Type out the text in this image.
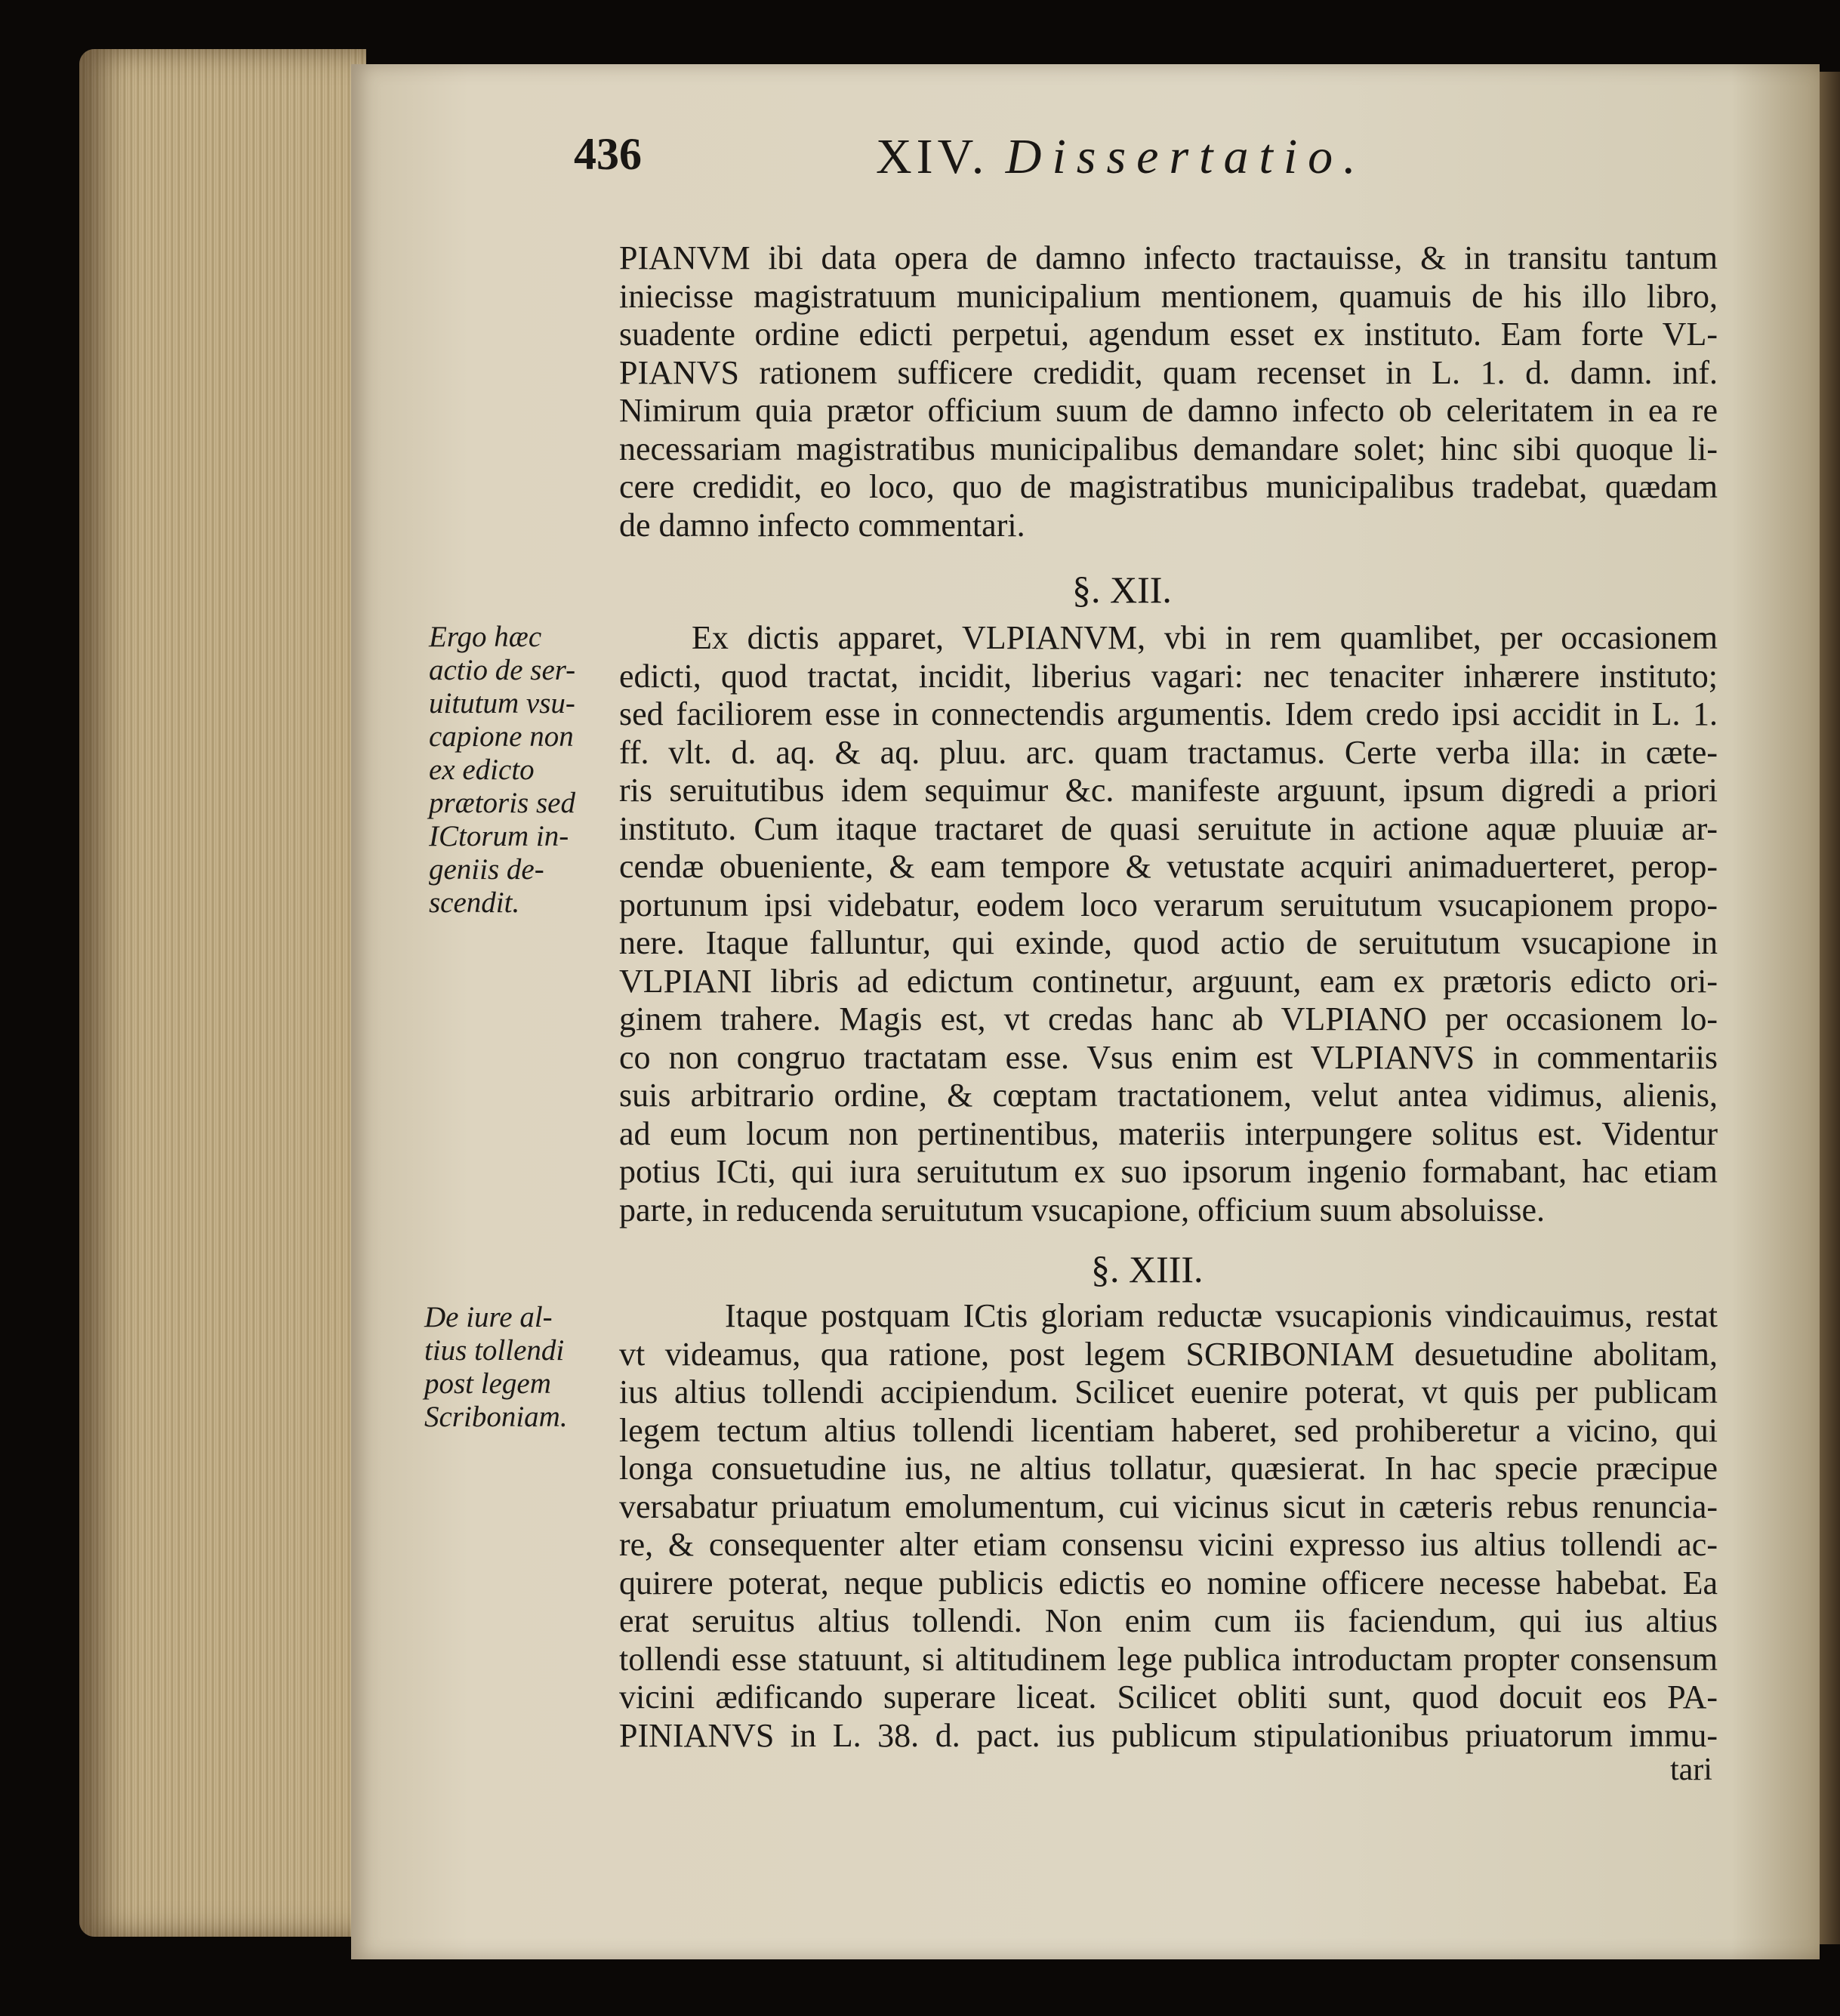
436	XIV. Dissertatio.
PIANVM ibi data opera de damno infecto tractauisse, & in transitu tantum
iniecisse magistratuum municipalium mentionem, quamuis de his illo libro,
suadente ordine edicti perpetui, agendum esset ex instituto. Eam forte VL-
PIANVS rationem sufficere credidit, quam recenset in L. 1. d. damn. inf.
Nimirum quia prætor officium suum de damno infecto ob celeritatem in ea re
necessariam magistratibus municipalibus demandare solet; hinc sibi quoque li-
cere credidit, eo loco, quo de magistratibus municipalibus tradebat, quædam
de damno infecto commentari.
§. XII.
Ergo hæc
actio de ser-
uitutum vsu-
capione non
ex edicto
prætoris sed
ICtorum in-
geniis de-
scendit.
Ex dictis apparet, VLPIANVM, vbi in rem quamlibet, per occasionem
edicti, quod tractat, incidit, liberius vagari: nec tenaciter inhærere instituto;
sed faciliorem esse in connectendis argumentis. Idem credo ipsi accidit in L. 1.
ff. vlt. d. aq. & aq. pluu. arc. quam tractamus. Certe verba illa: in cæte-
ris seruitutibus idem sequimur &c. manifeste arguunt, ipsum digredi a priori
instituto. Cum itaque tractaret de quasi seruitute in actione aquæ pluuiæ ar-
cendæ obueniente, & eam tempore & vetustate acquiri animaduerteret, perop-
portunum ipsi videbatur, eodem loco verarum seruitutum vsucapionem propo-
nere. Itaque falluntur, qui exinde, quod actio de seruitutum vsucapione in
VLPIANI libris ad edictum continetur, arguunt, eam ex prætoris edicto ori-
ginem trahere. Magis est, vt credas hanc ab VLPIANO per occasionem lo-
co non congruo tractatam esse. Vsus enim est VLPIANVS in commentariis
suis arbitrario ordine, & cœptam tractationem, velut antea vidimus, alienis,
ad eum locum non pertinentibus, materiis interpungere solitus est. Videntur
potius ICti, qui iura seruitutum ex suo ipsorum ingenio formabant, hac etiam
parte, in reducenda seruitutum vsucapione, officium suum absoluisse.
§. XIII.
De iure al-
tius tollendi
post legem
Scriboniam.
Itaque postquam ICtis gloriam reductæ vsucapionis vindicauimus, restat
vt videamus, qua ratione, post legem SCRIBONIAM desuetudine abolitam,
ius altius tollendi accipiendum. Scilicet euenire poterat, vt quis per publicam
legem tectum altius tollendi licentiam haberet, sed prohiberetur a vicino, qui
longa consuetudine ius, ne altius tollatur, quæsierat. In hac specie præcipue
versabatur priuatum emolumentum, cui vicinus sicut in cæteris rebus renuncia-
re, & consequenter alter etiam consensu vicini expresso ius altius tollendi ac-
quirere poterat, neque publicis edictis eo nomine officere necesse habebat. Ea
erat seruitus altius tollendi. Non enim cum iis faciendum, qui ius altius
tollendi esse statuunt, si altitudinem lege publica introductam propter consensum
vicini ædificando superare liceat. Scilicet obliti sunt, quod docuit eos PA-
PINIANVS in L. 38. d. pact. ius publicum stipulationibus priuatorum immu-
tari
